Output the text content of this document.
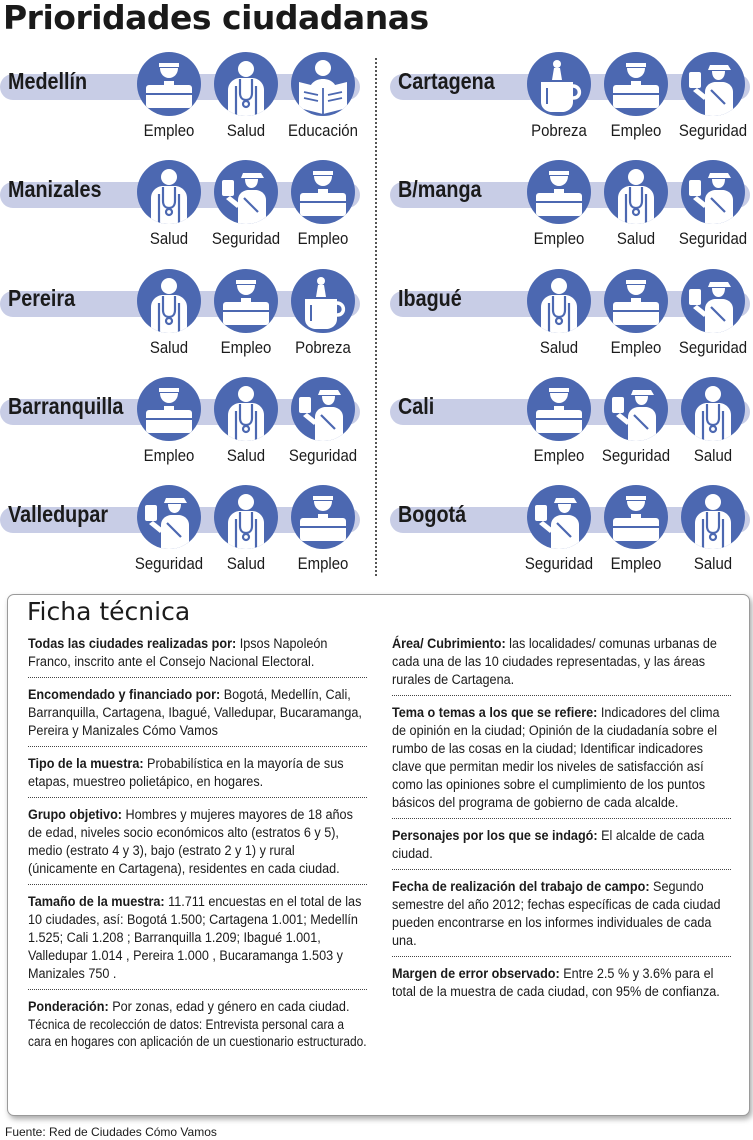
Prioridades ciudadanas
Medellín
Empleo	Salud	Educación
Manizales
Salud	Seguridad	Empleo
Pereira
Salud	Empleo	Pobreza
Barranquilla
Empleo	Salud	Seguridad
Valledupar
Seguridad	Salud	Empleo
Cartagena
Pobreza	Empleo	Seguridad
B/manga
Empleo	Salud	Seguridad
Ibagué
Salud	Empleo	Seguridad
Cali
Empleo	Seguridad	Salud
Bogotá
Seguridad	Empleo	Salud
Ficha técnica
Todas las ciudades realizadas por: Ipsos Napoleón Franco, inscrito ante el Consejo Nacional Electoral.
Encomendado y financiado por: Bogotá, Medellín, Cali, Barranquilla, Cartagena, Ibagué, Valledupar, Bucaramanga, Pereira y Manizales Cómo Vamos
Tipo de la muestra: Probabilística en la mayoría de sus etapas, muestreo polietápico, en hogares.
Grupo objetivo: Hombres y mujeres mayores de 18 años de edad, niveles socio económicos alto (estratos 6 y 5), medio (estrato 4 y 3), bajo (estrato 2 y 1) y rural (únicamente en Cartagena), residentes en cada ciudad.
Tamaño de la muestra: 11.711 encuestas en el total de las 10 ciudades, así: Bogotá 1.500; Cartagena 1.001; Medellín 1.525; Cali 1.208 ; Barranquilla 1.209; Ibagué 1.001, Valledupar 1.014 , Pereira 1.000 , Bucaramanga 1.503 y Manizales 750 .
Ponderación: Por zonas, edad y género en cada ciudad.
Técnica de recolección de datos: Entrevista personal cara a cara en hogares con aplicación de un cuestionario estructurado.
Área/ Cubrimiento: las localidades/ comunas urbanas de cada una de las 10 ciudades representadas, y las áreas rurales de Cartagena.
Tema o temas a los que se refiere: Indicadores del clima de opinión en la ciudad; Opinión de la ciudadanía sobre el rumbo de las cosas en la ciudad; Identificar indicadores clave que permitan medir los niveles de satisfacción así como las opiniones sobre el cumplimiento de los puntos básicos del programa de gobierno de cada alcalde.
Personajes por los que se indagó: El alcalde de cada ciudad.
Fecha de realización del trabajo de campo: Segundo semestre del año 2012; fechas específicas de cada ciudad pueden encontrarse en los informes individuales de cada una.
Margen de error observado: Entre 2.5 % y 3.6% para el total de la muestra de cada ciudad, con 95% de confianza.
Fuente: Red de Ciudades Cómo Vamos
